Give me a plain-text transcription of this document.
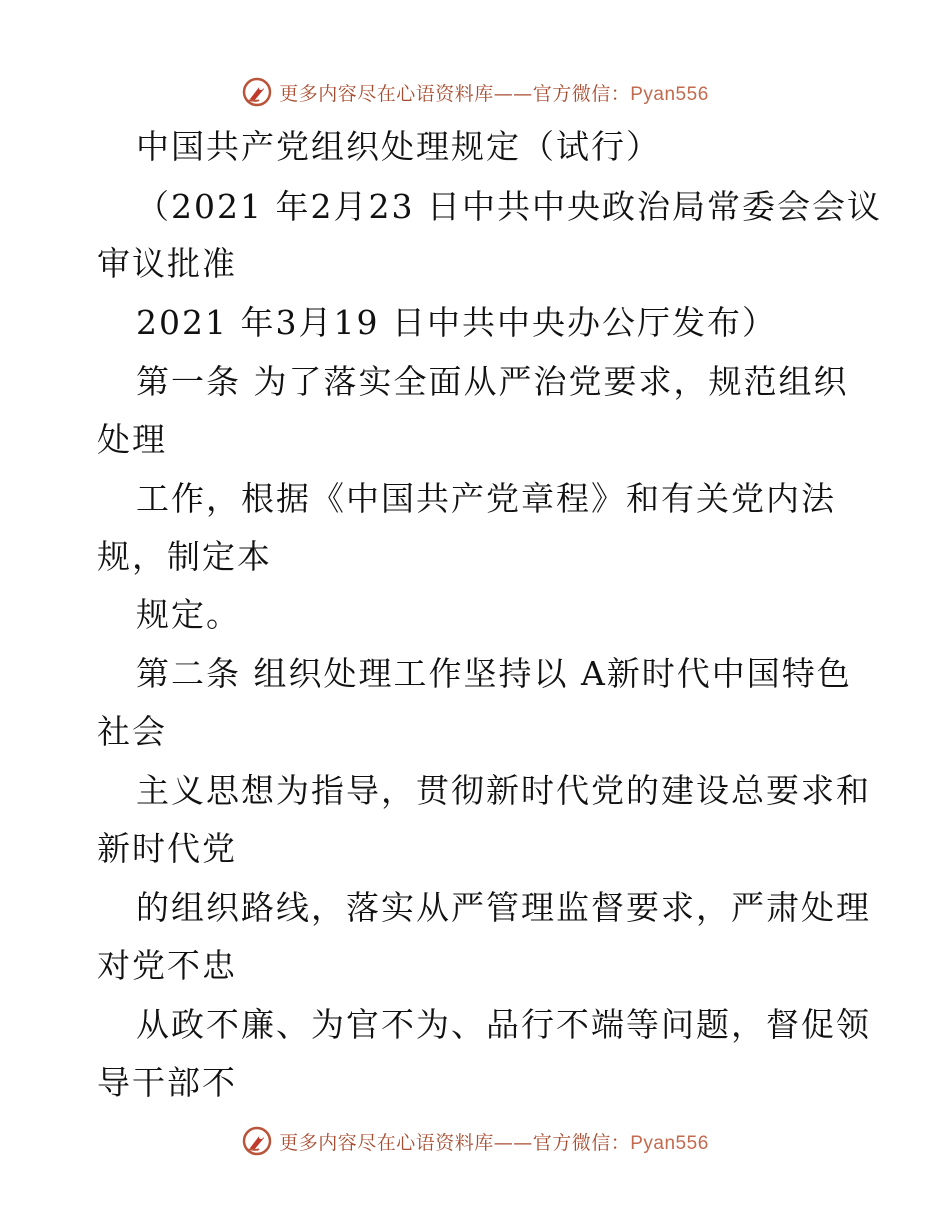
更多内容尽在心语资料库——官方微信：Pyan556
中国共产党组织处理规定（试行）
（2021 年2月23 日中共中央政治局常委会会议
审议批准
2021 年3月19 日中共中央办公厅发布）
第一条 为了落实全面从严治党要求，规范组织
处理
工作，根据《中国共产党章程》和有关党内法
规，制定本
规定。
第二条 组织处理工作坚持以 A新时代中国特色
社会
主义思想为指导，贯彻新时代党的建设总要求和
新时代党
的组织路线，落实从严管理监督要求，严肃处理
对党不忠
从政不廉、为官不为、品行不端等问题，督促领
导干部不
更多内容尽在心语资料库——官方微信：Pyan556
